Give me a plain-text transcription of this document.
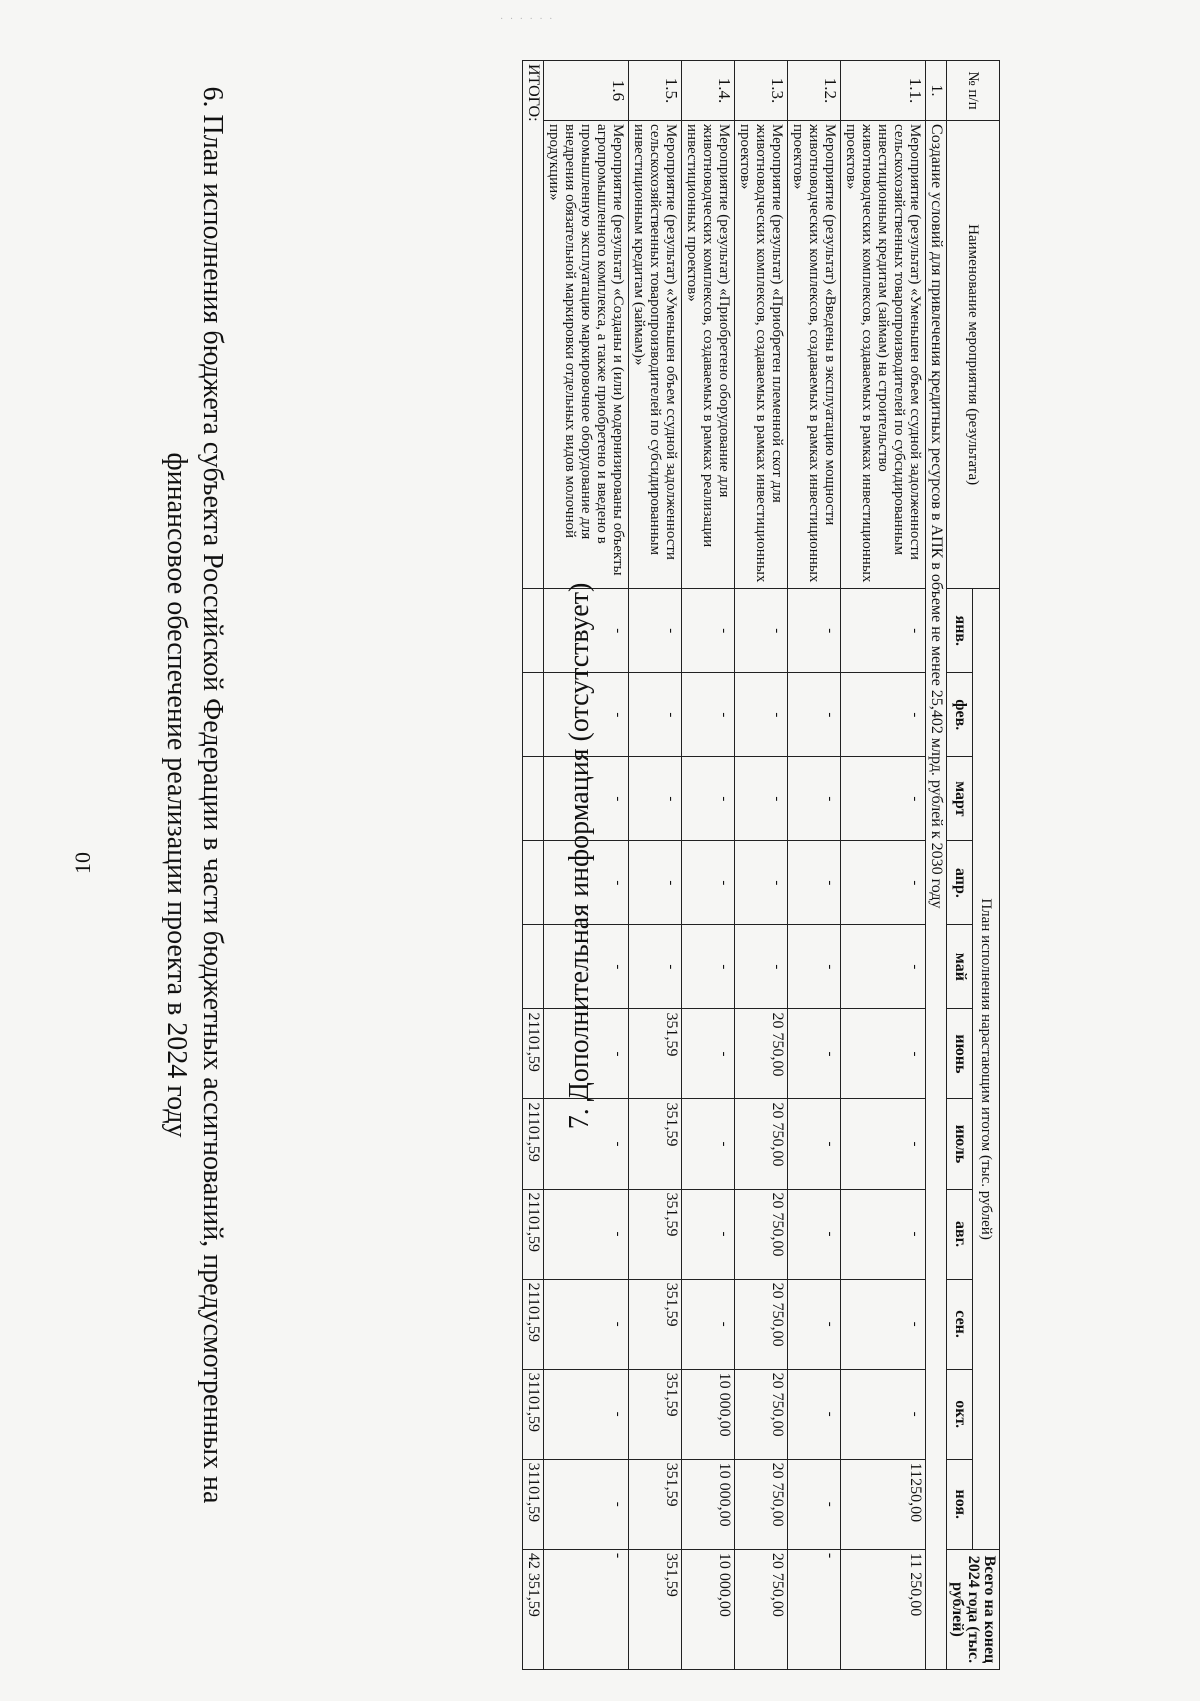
· · · · · ·
10	6. План исполнения бюджета субъекта Российской Федерации в части бюджетных ассигнований, предусмотренных на
финансовое обеспечение реализации проекта в 2024 году
№ п/п	Наименование мероприятия (результата)	План исполнения нарастающим итогом (тыс. рублей)											Всего на конец 2024 года (тыс. рублей)
		янв.	фев.	март	апр.	май	июнь	июль	авг.	сен.	окт.	ноя.	
1.	Создание условий для привлечения кредитных ресурсов в АПК в объеме не менее 25,402 млрд. рублей к 2030 году												
1.1.	Мероприятие (результат) «Уменьшен объем ссудной задолженности сельскохозяйственных товаропроизводителей по субсидированным инвестиционным кредитам (займам) на строительство животноводческих комплексов, создаваемых в рамках инвестиционных проектов»	-	-	-	-	-	-	-	-	-	-	11250,00	11 250,00
1.2.	Мероприятие (результат) «Введены в эксплуатацию мощности животноводческих комплексов, создаваемых в рамках инвестиционных проектов»	-	-	-	-	-	-	-	-	-	-	-	-
1.3.	Мероприятие (результат) «Приобретен племенной скот для животноводческих комплексов, создаваемых в рамках инвестиционных проектов»	-	-	-	-	-	20 750,00	20 750,00	20 750,00	20 750,00	20 750,00	20 750,00	20 750,00
1.4.	Мероприятие (результат) «Приобретено оборудование для животноводческих комплексов, создаваемых в рамках реализации инвестиционных проектов»	-	-	-	-	-	-	-	-	-	10 000,00	10 000,00	10 000,00
1.5.	Мероприятие (результат) «Уменьшен объем ссудной задолженности сельскохозяйственных товаропроизводителей по субсидированным инвестиционным кредитам (займам)»	-	-	-	-	-	351,59	351,59	351,59	351,59	351,59	351,59	351,59
1.6	Мероприятие (результат) «Созданы и (или) модернизированы объекты агропромышленного комплекса, а также приобретено и введено в промышленную эксплуатацию маркировочное оборудование для внедрения обязательной маркировки отдельных видов молочной продукции»	-	-	-	-	-	-	-	-	-	-	-	-
ИТОГО:							21101,59	21101,59	21101,59	21101,59	31101,59	31101,59	42 351,59
7. Дополнительная информация (отсутствует)
